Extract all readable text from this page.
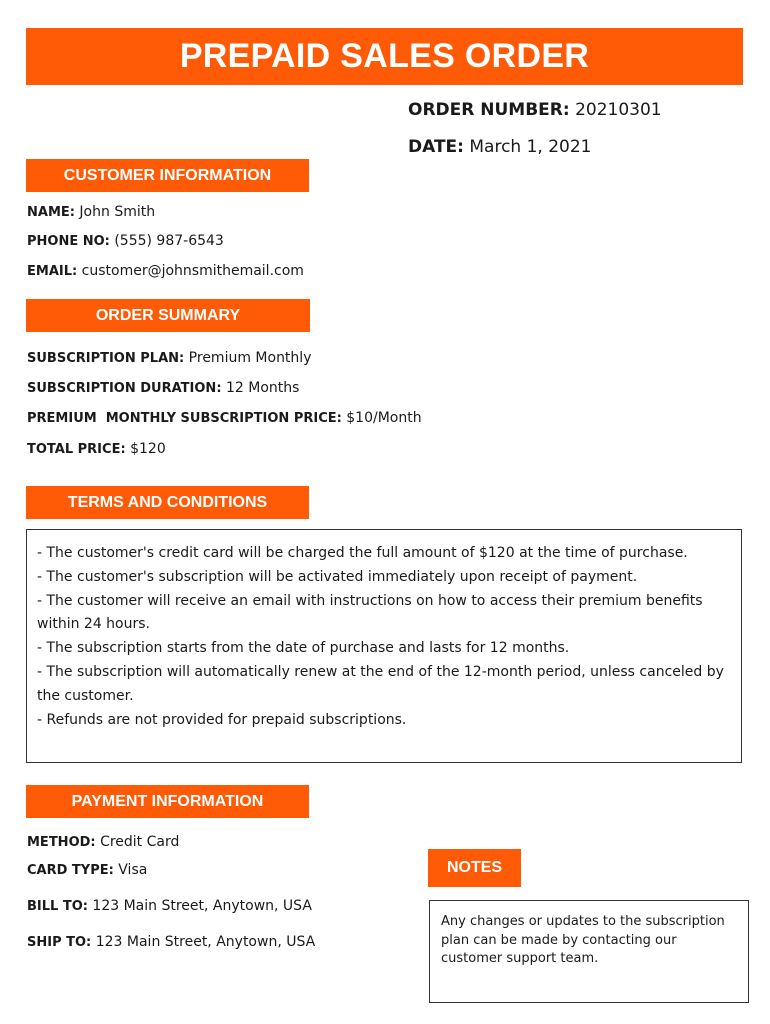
PREPAID SALES ORDER
ORDER NUMBER: 20210301
DATE: March 1, 2021
CUSTOMER INFORMATION
NAME: John Smith
PHONE NO: (555) 987-6543
EMAIL: customer@johnsmithemail.com
ORDER SUMMARY
SUBSCRIPTION PLAN: Premium Monthly
SUBSCRIPTION DURATION: 12 Months
PREMIUM  MONTHLY SUBSCRIPTION PRICE: $10/Month
TOTAL PRICE: $120
TERMS AND CONDITIONS
- The customer's credit card will be charged the full amount of $120 at the time of purchase.
- The customer's subscription will be activated immediately upon receipt of payment.
- The customer will receive an email with instructions on how to access their premium benefits within 24 hours.
- The subscription starts from the date of purchase and lasts for 12 months.
- The subscription will automatically renew at the end of the 12-month period, unless canceled by the customer.
- Refunds are not provided for prepaid subscriptions.
PAYMENT INFORMATION
METHOD: Credit Card
CARD TYPE: Visa
BILL TO: 123 Main Street, Anytown, USA
SHIP TO: 123 Main Street, Anytown, USA
NOTES
Any changes or updates to the subscription plan can be made by contacting our customer support team.
